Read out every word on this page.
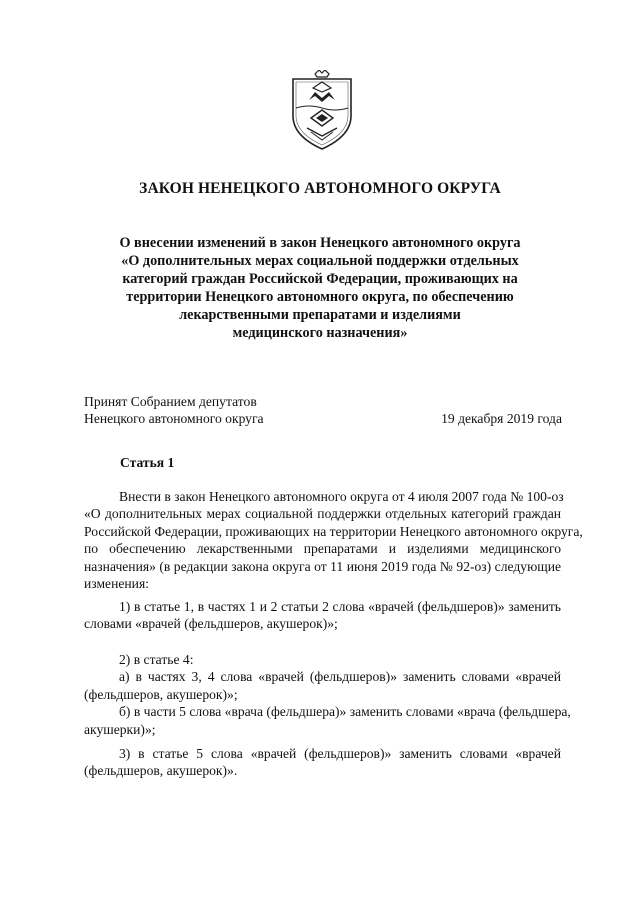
ЗАКОН НЕНЕЦКОГО АВТОНОМНОГО ОКРУГА
О внесении изменений в закон Ненецкого автономного округа
«О дополнительных мерах социальной поддержки отдельных
категорий граждан Российской Федерации, проживающих на
территории Ненецкого автономного округа, по обеспечению
лекарственными препаратами и изделиями
медицинского назначения»
Принят Собранием депутатов
Ненецкого автономного округа	19 декабря 2019 года
Статья 1
Внести в закон Ненецкого автономного округа от 4 июля 2007 года № 100-оз
«О дополнительных мерах социальной поддержки отдельных категорий граждан
Российской Федерации, проживающих на территории Ненецкого автономного округа,
по обеспечению лекарственными препаратами и изделиями медицинского
назначения» (в редакции закона округа от 11 июня 2019 года № 92-оз) следующие
изменения:
1) в статье 1, в частях 1 и 2 статьи 2 слова «врачей (фельдшеров)» заменить
словами «врачей (фельдшеров, акушерок)»;
2) в статье 4:
а) в частях 3, 4 слова «врачей (фельдшеров)» заменить словами «врачей
(фельдшеров, акушерок)»;
б) в части 5 слова «врача (фельдшера)» заменить словами «врача (фельдшера,
акушерки)»;
3) в статье 5 слова «врачей (фельдшеров)» заменить словами «врачей
(фельдшеров, акушерок)».
